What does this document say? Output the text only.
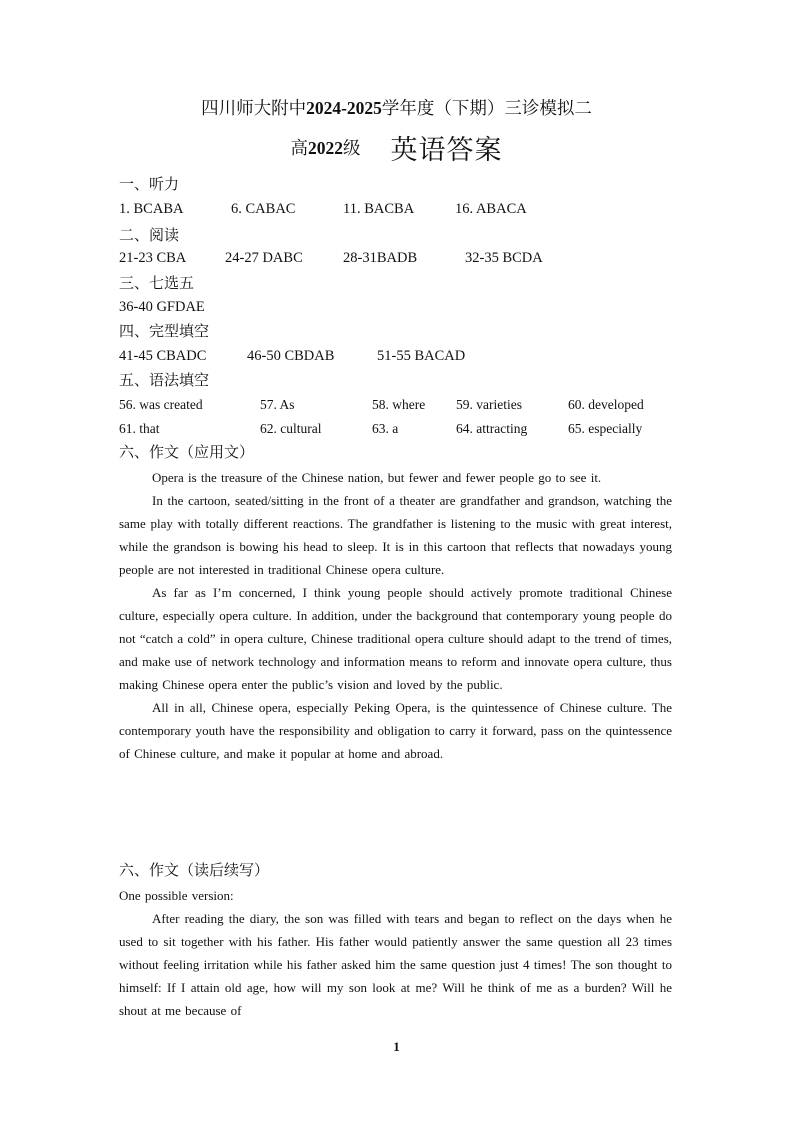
四川师大附中2024-2025学年度（下期）三诊模拟二
高2022级 英语答案
一、听力
1. BCABA	6. CABAC	11. BACBA	16. ABACA
二、阅读
21-23 CBA	24-27 DABC	28-31BADB	32-35 BCDA
三、七选五
36-40 GFDAE
四、完型填空
41-45 CBADC	46-50 CBDAB	51-55 BACAD
五、语法填空
56. was created	57. As	58. where 59. varieties	60. developed
61. that	62. cultural	63. a	64. attracting	65. especially
六、作文（应用文）

Opera is the treasure of the Chinese nation, but fewer and fewer people go to see it.

In the cartoon, seated/sitting in the front of a theater are grandfather and grandson, watching the same play with totally different reactions. The grandfather is listening to the music with great interest, while the grandson is bowing his head to sleep. It is in this cartoon that reflects that nowadays young people are not interested in traditional Chinese opera culture.

As far as I’m concerned, I think young people should actively promote traditional Chinese culture, especially opera culture. In addition, under the background that contemporary young people do not “catch a cold” in opera culture, Chinese traditional opera culture should adapt to the trend of times, and make use of network technology and information means to reform and innovate opera culture, thus making Chinese opera enter the public’s vision and loved by the public.

All in all, Chinese opera, especially Peking Opera, is the quintessence of Chinese culture. The contemporary youth have the responsibility and obligation to carry it forward, pass on the quintessence of Chinese culture, and make it popular at home and abroad.

六、作文（读后续写）

One possible version:

After reading the diary, the son was filled with tears and began to reflect on the days when he used to sit together with his father. His father would patiently answer the same question all 23 times without feeling irritation while his father asked him the same question just 4 times! The son thought to himself: If I attain old age, how will my son look at me? Will he think of me as a burden? Will he shout at me because of

1
